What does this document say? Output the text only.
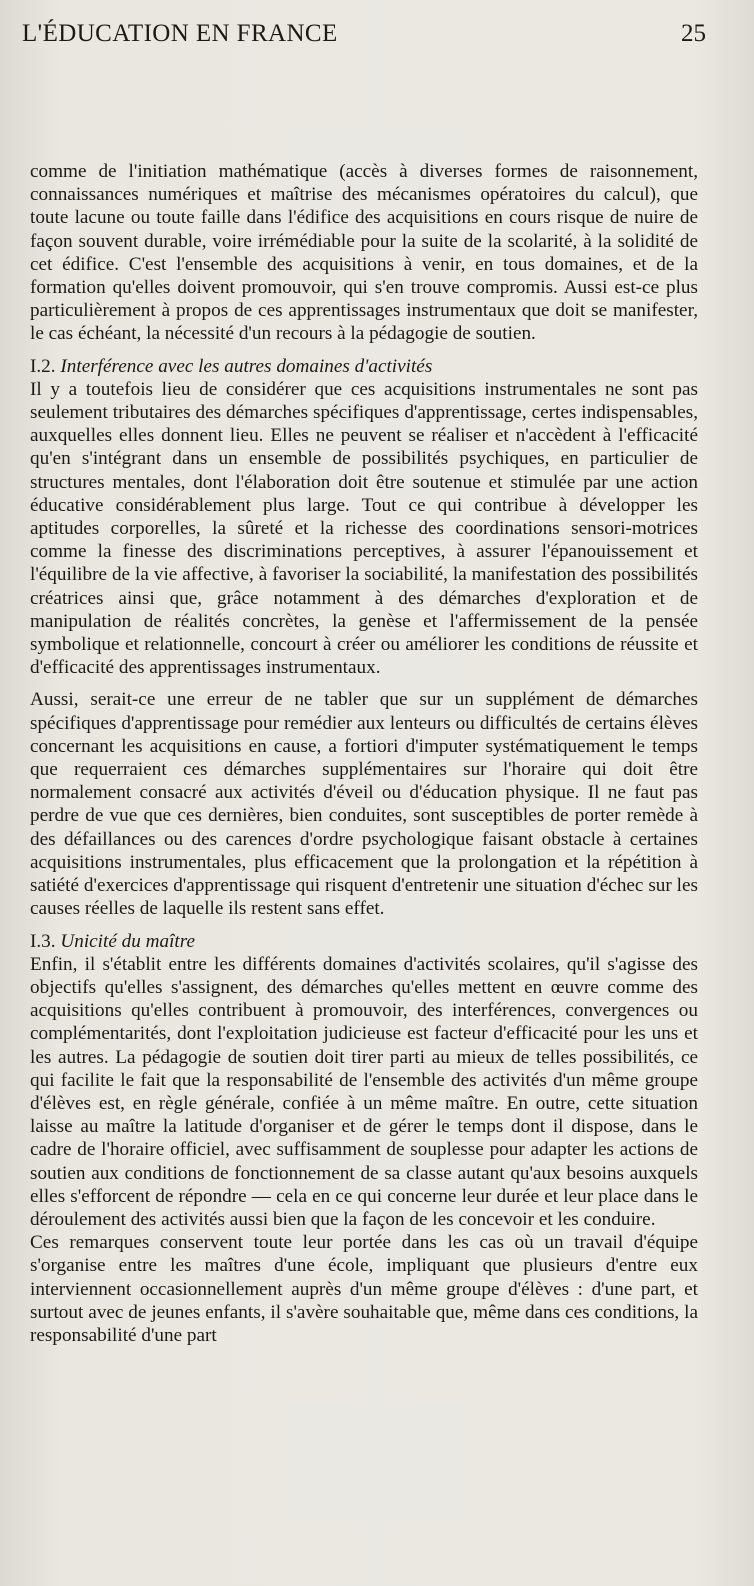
L'ÉDUCATION EN FRANCE	25

comme de l'initiation mathématique (accès à diverses formes de raisonnement, connaissances numériques et maîtrise des mécanismes opératoires du calcul), que toute lacune ou toute faille dans l'édifice des acquisitions en cours risque de nuire de façon souvent durable, voire irrémédiable pour la suite de la scolarité, à la solidité de cet édifice. C'est l'ensemble des acquisitions à venir, en tous domaines, et de la formation qu'elles doivent promouvoir, qui s'en trouve compromis. Aussi est-ce plus particulièrement à propos de ces apprentissages instrumentaux que doit se manifester, le cas échéant, la nécessité d'un recours à la pédagogie de soutien.

I.2. Interférence avec les autres domaines d'activités

Il y a toutefois lieu de considérer que ces acquisitions instrumentales ne sont pas seulement tributaires des démarches spécifiques d'apprentissage, certes indispensables, auxquelles elles donnent lieu. Elles ne peuvent se réaliser et n'accèdent à l'efficacité qu'en s'intégrant dans un ensemble de possibilités psychiques, en particulier de structures mentales, dont l'élaboration doit être soutenue et stimulée par une action éducative considérablement plus large. Tout ce qui contribue à développer les aptitudes corporelles, la sûreté et la richesse des coordinations sensori-motrices comme la finesse des discriminations perceptives, à assurer l'épanouissement et l'équilibre de la vie affective, à favoriser la sociabilité, la manifestation des possibilités créatrices ainsi que, grâce notamment à des démarches d'exploration et de manipulation de réalités concrètes, la genèse et l'affermissement de la pensée symbolique et relationnelle, concourt à créer ou améliorer les conditions de réussite et d'efficacité des apprentissages instrumentaux.

Aussi, serait-ce une erreur de ne tabler que sur un supplément de démarches spécifiques d'apprentissage pour remédier aux lenteurs ou difficultés de certains élèves concernant les acquisitions en cause, a fortiori d'imputer systématiquement le temps que requerraient ces démarches supplémentaires sur l'horaire qui doit être normalement consacré aux activités d'éveil ou d'éducation physique. Il ne faut pas perdre de vue que ces dernières, bien conduites, sont susceptibles de porter remède à des défaillances ou des carences d'ordre psychologique faisant obstacle à certaines acquisitions instrumentales, plus efficacement que la prolongation et la répétition à satiété d'exercices d'apprentissage qui risquent d'entretenir une situation d'échec sur les causes réelles de laquelle ils restent sans effet.

I.3. Unicité du maître

Enfin, il s'établit entre les différents domaines d'activités scolaires, qu'il s'agisse des objectifs qu'elles s'assignent, des démarches qu'elles mettent en œuvre comme des acquisitions qu'elles contribuent à promouvoir, des interférences, convergences ou complémentarités, dont l'exploitation judicieuse est facteur d'efficacité pour les uns et les autres. La pédagogie de soutien doit tirer parti au mieux de telles possibilités, ce qui facilite le fait que la responsabilité de l'ensemble des activités d'un même groupe d'élèves est, en règle générale, confiée à un même maître. En outre, cette situation laisse au maître la latitude d'organiser et de gérer le temps dont il dispose, dans le cadre de l'horaire officiel, avec suffisamment de souplesse pour adapter les actions de soutien aux conditions de fonctionnement de sa classe autant qu'aux besoins auxquels elles s'efforcent de répondre — cela en ce qui concerne leur durée et leur place dans le déroulement des activités aussi bien que la façon de les concevoir et les conduire.

Ces remarques conservent toute leur portée dans les cas où un travail d'équipe s'organise entre les maîtres d'une école, impliquant que plusieurs d'entre eux interviennent occasionnellement auprès d'un même groupe d'élèves : d'une part, et surtout avec de jeunes enfants, il s'avère souhaitable que, même dans ces conditions, la responsabilité d'une part
